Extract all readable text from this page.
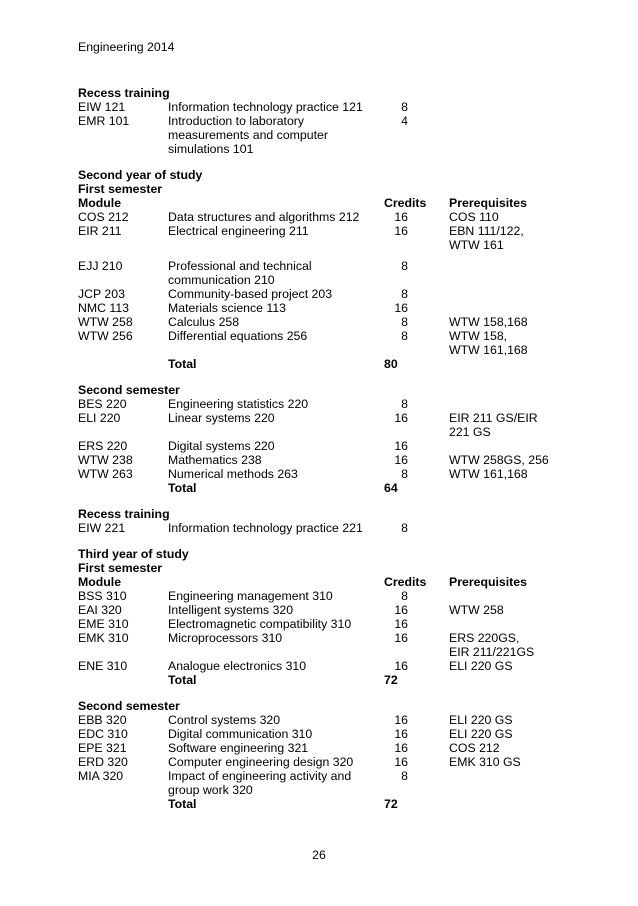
Engineering 2014
Recess training
EIW 121	Information technology practice 121	8
EMR 101	Introduction to laboratory	4
measurements and computer
simulations 101
Second year of study
First semester
Module	Credits Prerequisites
COS 212	Data structures and algorithms 212	16	COS 110
EIR 211	Electrical engineering 211	16	EBN 111/122,
WTW 161
EJJ 210	Professional and technical	8
communication 210
JCP 203	Community-based project 203	8
NMC 113	Materials science 113	16
WTW 258	Calculus 258	8	WTW 158,168
WTW 256	Differential equations 256	8	WTW 158,
WTW 161,168
Total	80
Second semester
BES 220	Engineering statistics 220	8
ELI 220	Linear systems 220	16	EIR 211 GS/EIR
221 GS
ERS 220	Digital systems 220	16
WTW 238	Mathematics 238	16	WTW 258GS, 256
WTW 263	Numerical methods 263	8	WTW 161,168
Total	64
Recess training
EIW 221	Information technology practice 221	8
Third year of study
First semester
Module	Credits Prerequisites
BSS 310	Engineering management 310	8
EAI 320	Intelligent systems 320	16	WTW 258
EME 310	Electromagnetic compatibility 310	16
EMK 310	Microprocessors 310	16	ERS 220GS,
EIR 211/221GS
ENE 310	Analogue electronics 310	16	ELI 220 GS
Total	72
Second semester
EBB 320	Control systems 320	16	ELI 220 GS
EDC 310	Digital communication 310	16	ELI 220 GS
EPE 321	Software engineering 321	16	COS 212
ERD 320	Computer engineering design 320	16	EMK 310 GS
MIA 320	Impact of engineering activity and	8
group work 320
Total	72
26
